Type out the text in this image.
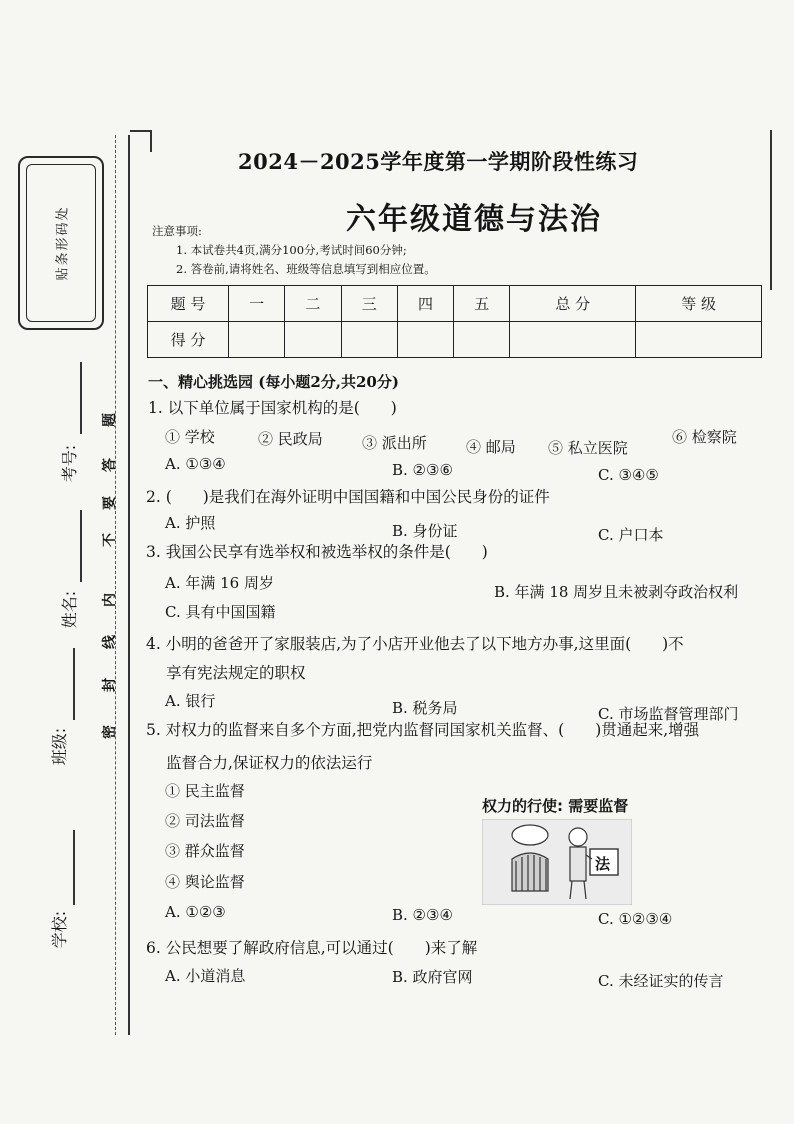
贴条形码处
学校:
班级:
姓名:
考号:
密
封
线
内
不
要
答
题
2024－2025学年度第一学期阶段性练习
六年级道德与法治
注意事项:
1. 本试卷共4页,满分100分,考试时间60分钟;
2. 答卷前,请将姓名、班级等信息填写到相应位置。
题 号	一	二	三	四	五	总 分	等 级
得 分							
一、精心挑选园 (每小题2分,共20分)
1. 以下单位属于国家机构的是(　　)
① 学校	② 民政局	③ 派出所	④ 邮局 ⑤ 私立医院
⑥ 检察院
A. ①③④	B. ②③⑥	C. ③④⑤
2. (　　)是我们在海外证明中国国籍和中国公民身份的证件
A. 护照	B. 身份证	C. 户口本
3. 我国公民享有选举权和被选举权的条件是(　　)
A. 年满 16 周岁	B. 年满 18 周岁且未被剥夺政治权利
C. 具有中国国籍
4. 小明的爸爸开了家服装店,为了小店开业他去了以下地方办事,这里面(　　)不
享有宪法规定的职权
A. 银行	B. 税务局	C. 市场监督管理部门
5. 对权力的监督来自多个方面,把党内监督同国家机关监督、(　　)贯通起来,增强
监督合力,保证权力的依法运行
① 民主监督
② 司法监督
③ 群众监督
④ 舆论监督
A. ①②③	B. ②③④	C. ①②③④
权力的行使: 需要监督
法
6. 公民想要了解政府信息,可以通过(　　)来了解
A. 小道消息	B. 政府官网	C. 未经证实的传言
